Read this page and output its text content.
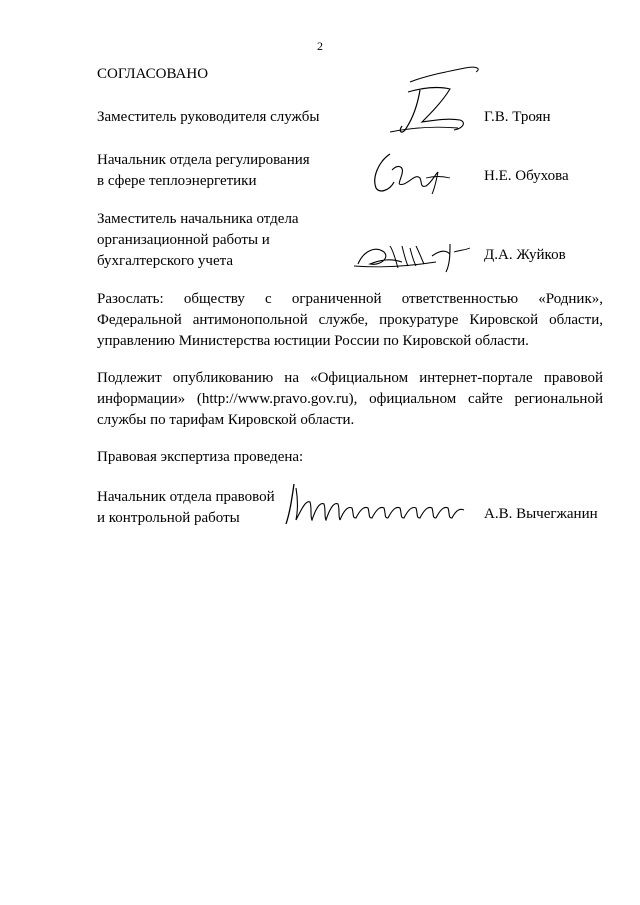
2
СОГЛАСОВАНО
Заместитель руководителя службы	Г.В. Троян
Начальник отдела регулирования
в сфере теплоэнергетики	Н.Е. Обухова
Заместитель начальника отдела
организационной работы и
бухгалтерского учета	Д.А. Жуйков
Разослать: обществу с ограниченной ответственностью «Родник»,
Федеральной антимонопольной службе, прокуратуре Кировской области,
управлению Министерства юстиции России по Кировской области.
Подлежит опубликованию на «Официальном интернет-портале правовой
информации» (http://www.pravo.gov.ru), официальном сайте региональной
службы по тарифам Кировской области.
Правовая экспертиза проведена:
Начальник отдела правовой
и контрольной работы	А.В. Вычегжанин
